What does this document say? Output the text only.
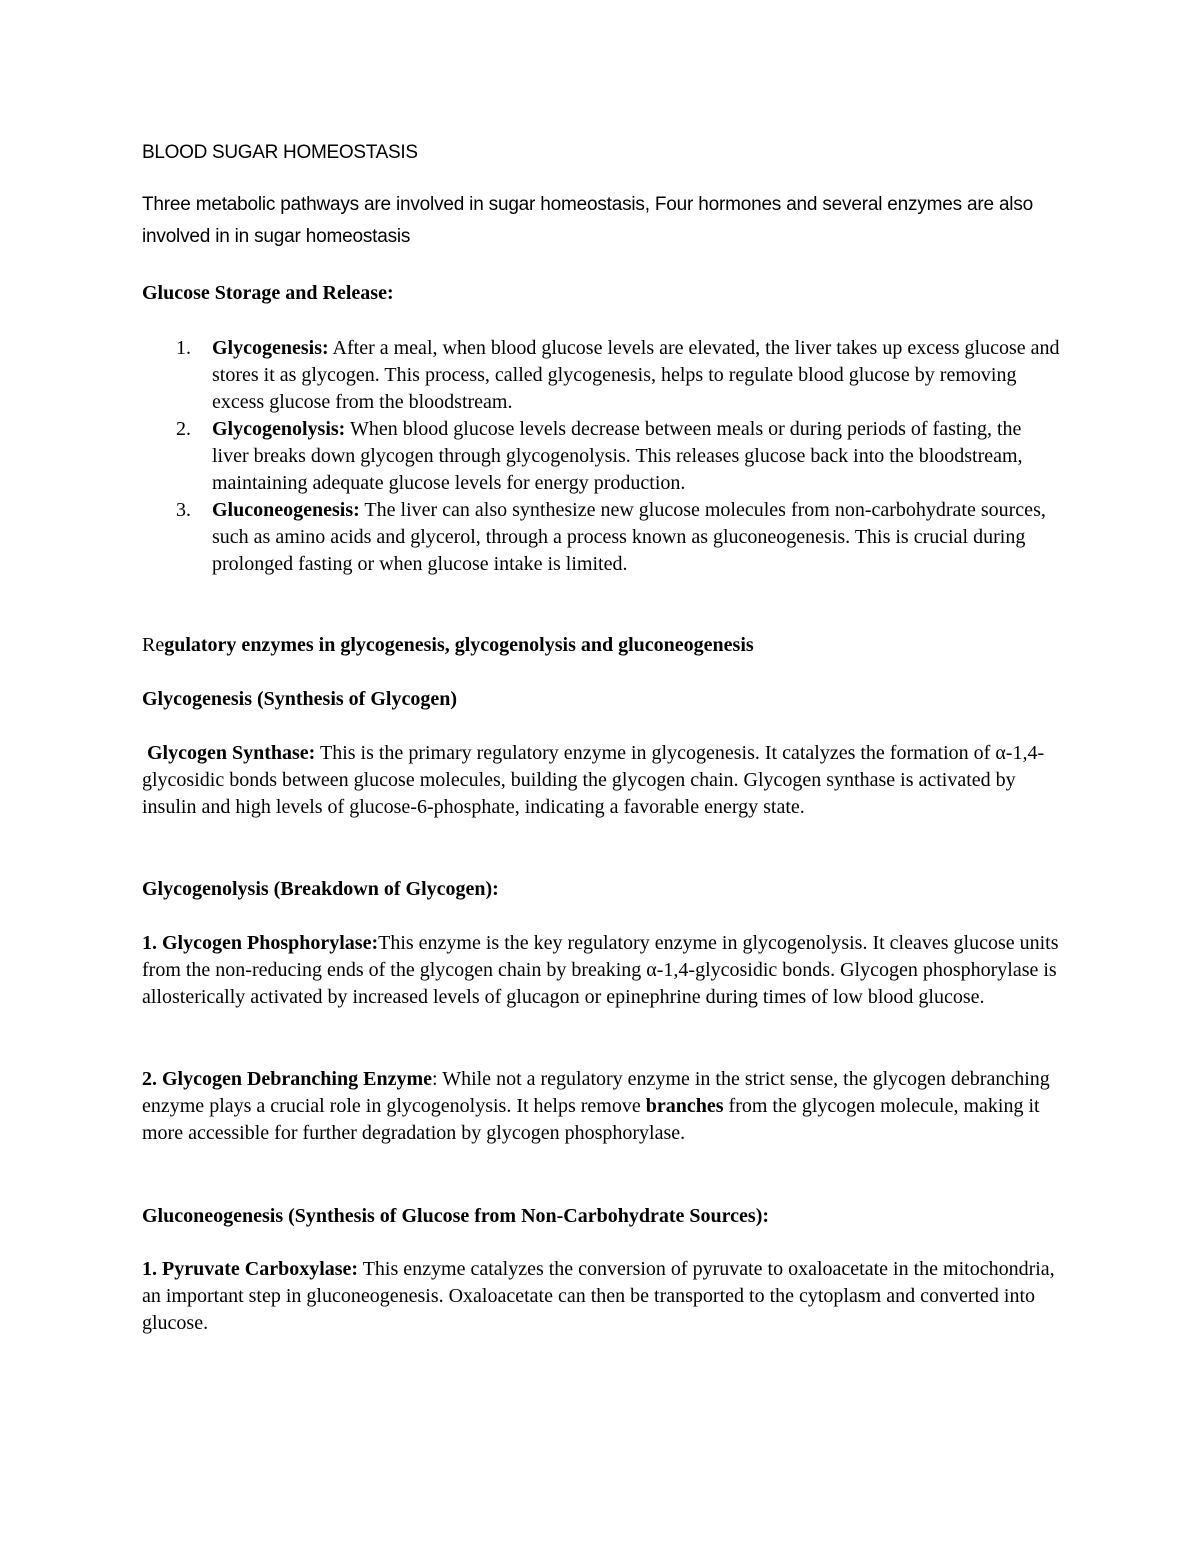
BLOOD SUGAR HOMEOSTASIS

Three metabolic pathways are involved in sugar homeostasis, Four hormones and several enzymes are also involved in in sugar homeostasis

Glucose Storage and Release:

1. Glycogenesis: After a meal, when blood glucose levels are elevated, the liver takes up excess glucose and stores it as glycogen. This process, called glycogenesis, helps to regulate blood glucose by removing excess glucose from the bloodstream.
2. Glycogenolysis: When blood glucose levels decrease between meals or during periods of fasting, the liver breaks down glycogen through glycogenolysis. This releases glucose back into the bloodstream, maintaining adequate glucose levels for energy production.
3. Gluconeogenesis: The liver can also synthesize new glucose molecules from non-carbohydrate sources, such as amino acids and glycerol, through a process known as gluconeogenesis. This is crucial during prolonged fasting or when glucose intake is limited.

Regulatory enzymes in glycogenesis, glycogenolysis and gluconeogenesis

Glycogenesis (Synthesis of Glycogen)

Glycogen Synthase: This is the primary regulatory enzyme in glycogenesis. It catalyzes the formation of α-1,4-glycosidic bonds between glucose molecules, building the glycogen chain. Glycogen synthase is activated by insulin and high levels of glucose-6-phosphate, indicating a favorable energy state.

Glycogenolysis (Breakdown of Glycogen):

1. Glycogen Phosphorylase:This enzyme is the key regulatory enzyme in glycogenolysis. It cleaves glucose units from the non-reducing ends of the glycogen chain by breaking α-1,4-glycosidic bonds. Glycogen phosphorylase is allosterically activated by increased levels of glucagon or epinephrine during times of low blood glucose.

2. Glycogen Debranching Enzyme: While not a regulatory enzyme in the strict sense, the glycogen debranching enzyme plays a crucial role in glycogenolysis. It helps remove branches from the glycogen molecule, making it more accessible for further degradation by glycogen phosphorylase.

Gluconeogenesis (Synthesis of Glucose from Non-Carbohydrate Sources):

1. Pyruvate Carboxylase: This enzyme catalyzes the conversion of pyruvate to oxaloacetate in the mitochondria, an important step in gluconeogenesis. Oxaloacetate can then be transported to the cytoplasm and converted into glucose.
